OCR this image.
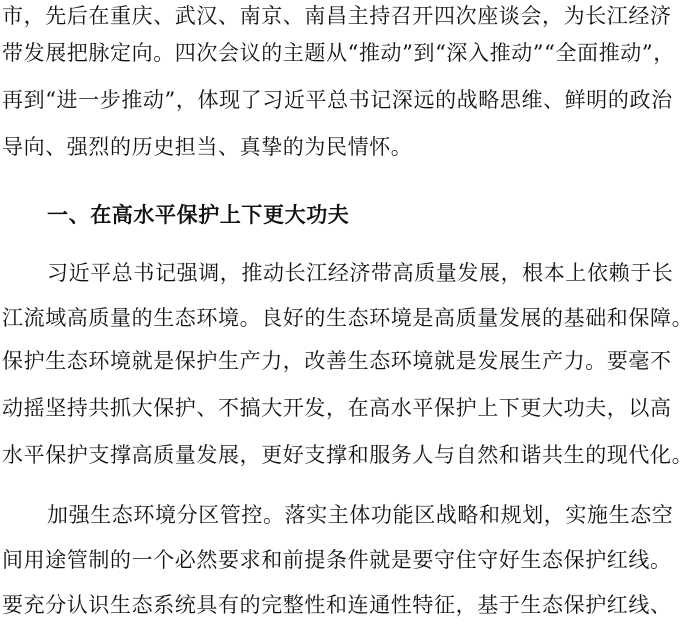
市，先后在重庆、武汉、南京、南昌主持召开四次座谈会，为长江经济
带发展把脉定向。四次会议的主题从“推动”到“深入推动”“全面推动”，
再到“进一步推动”，体现了习近平总书记深远的战略思维、鲜明的政治
导向、强烈的历史担当、真挚的为民情怀。
一、在高水平保护上下更大功夫
习近平总书记强调，推动长江经济带高质量发展，根本上依赖于长
江流域高质量的生态环境。良好的生态环境是高质量发展的基础和保障。
保护生态环境就是保护生产力，改善生态环境就是发展生产力。要毫不
动摇坚持共抓大保护、不搞大开发，在高水平保护上下更大功夫，以高
水平保护支撑高质量发展，更好支撑和服务人与自然和谐共生的现代化。
加强生态环境分区管控。落实主体功能区战略和规划，实施生态空
间用途管制的一个必然要求和前提条件就是要守住守好生态保护红线。
要充分认识生态系统具有的完整性和连通性特征，基于生态保护红线、
